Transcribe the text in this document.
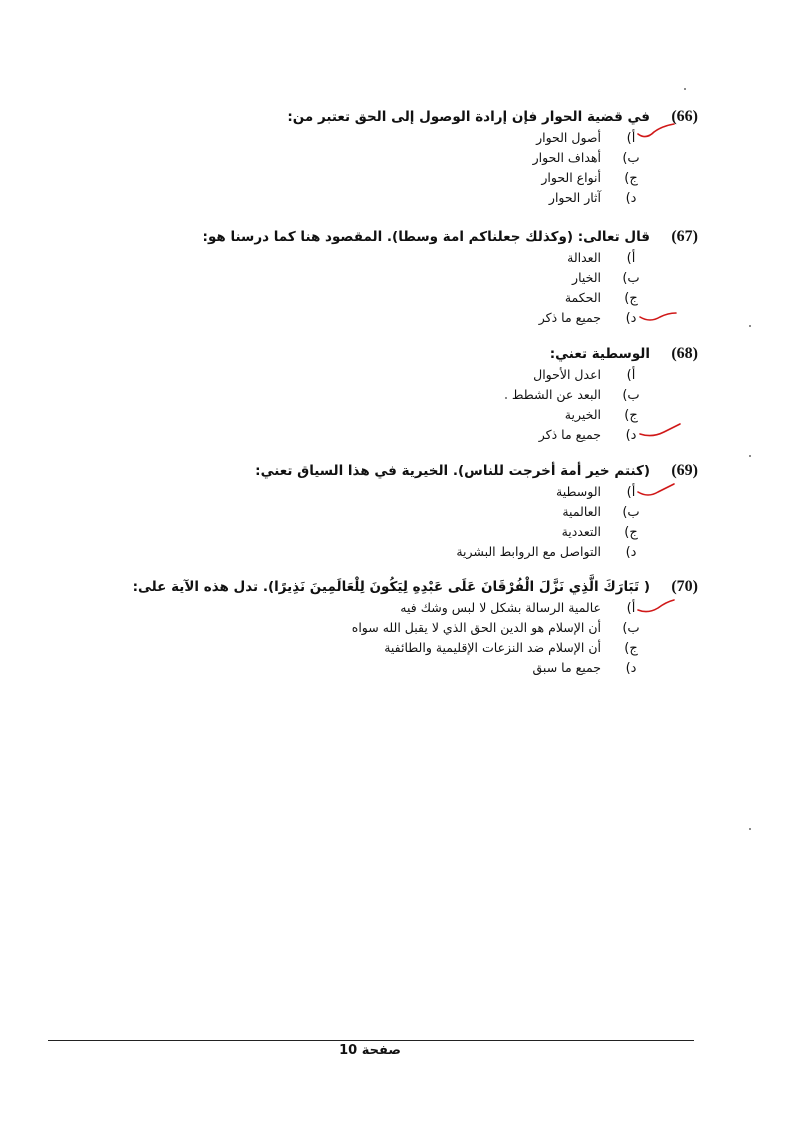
(66)
في قضية الحوار فإن إرادة الوصول إلى الحق تعتبر من:
أ)
أصول الحوار
ب)
أهداف الحوار
ج)
أنواع الحوار
د)
آثار الحوار
(67)
قال تعالى: (وكذلك جعلناكم امة وسطا). المقصود هنا كما درسنا هو:
أ)
العدالة
ب)
الخيار
ج)
الحكمة
د)
جميع ما ذكر
(68)
الوسطية تعني:
أ)
اعدل الأحوال
ب)
البعد عن الشطط
ج)
الخيرية
د)
جميع ما ذكر
(69)
(كنتم خير أمة أخرجت للناس). الخيرية في هذا السياق تعني:
أ)
الوسطية
ب)
العالمية
ج)
التعددية
د)
التواصل مع الروابط البشرية
(70)
( تَبَارَكَ الَّذِي نَزَّلَ الْفُرْقَانَ عَلَى عَبْدِهِ لِيَكُونَ لِلْعَالَمِينَ نَذِيرًا). تدل هذه الآية على:
أ)
عالمية الرسالة بشكل لا لبس وشك فيه
ب)
أن الإسلام هو الدين الحق الذي لا يقبل الله سواه
ج)
أن الإسلام ضد النزعات الإقليمية والطائفية
د)
جميع ما سبق
صفحة 10
